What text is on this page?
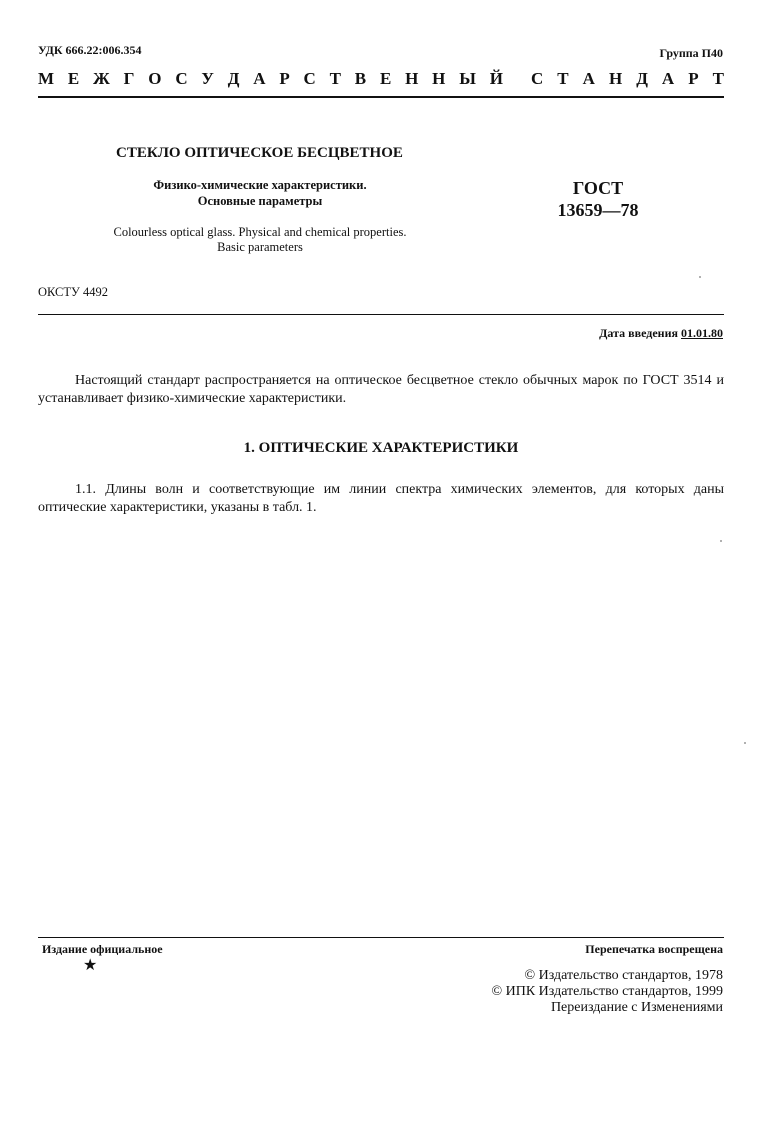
УДК 666.22:006.354	Группа П40
М Е Ж Г О С У Д А Р С Т В Е Н Н Ы Й С Т А Н Д А Р Т
СТЕКЛО ОПТИЧЕСКОЕ БЕСЦВЕТНОЕ
Физико-химические характеристики.
Основные параметры
ГОСТ
13659—78
Colourless optical glass. Physical and chemical properties.
Basic parameters
ОКСТУ 4492
Дата введения 01.01.80
Настоящий стандарт распространяется на оптическое бесцветное стекло обычных марок по ГОСТ 3514 и устанавливает физико-химические характеристики.
1. ОПТИЧЕСКИЕ ХАРАКТЕРИСТИКИ
1.1. Длины волн и соответствующие им линии спектра химических элементов, для которых даны оптические характеристики, указаны в табл. 1.
Издание официальное
★
Перепечатка воспрещена
© Издательство стандартов, 1978
© ИПК Издательство стандартов, 1999
Переиздание с Изменениями
